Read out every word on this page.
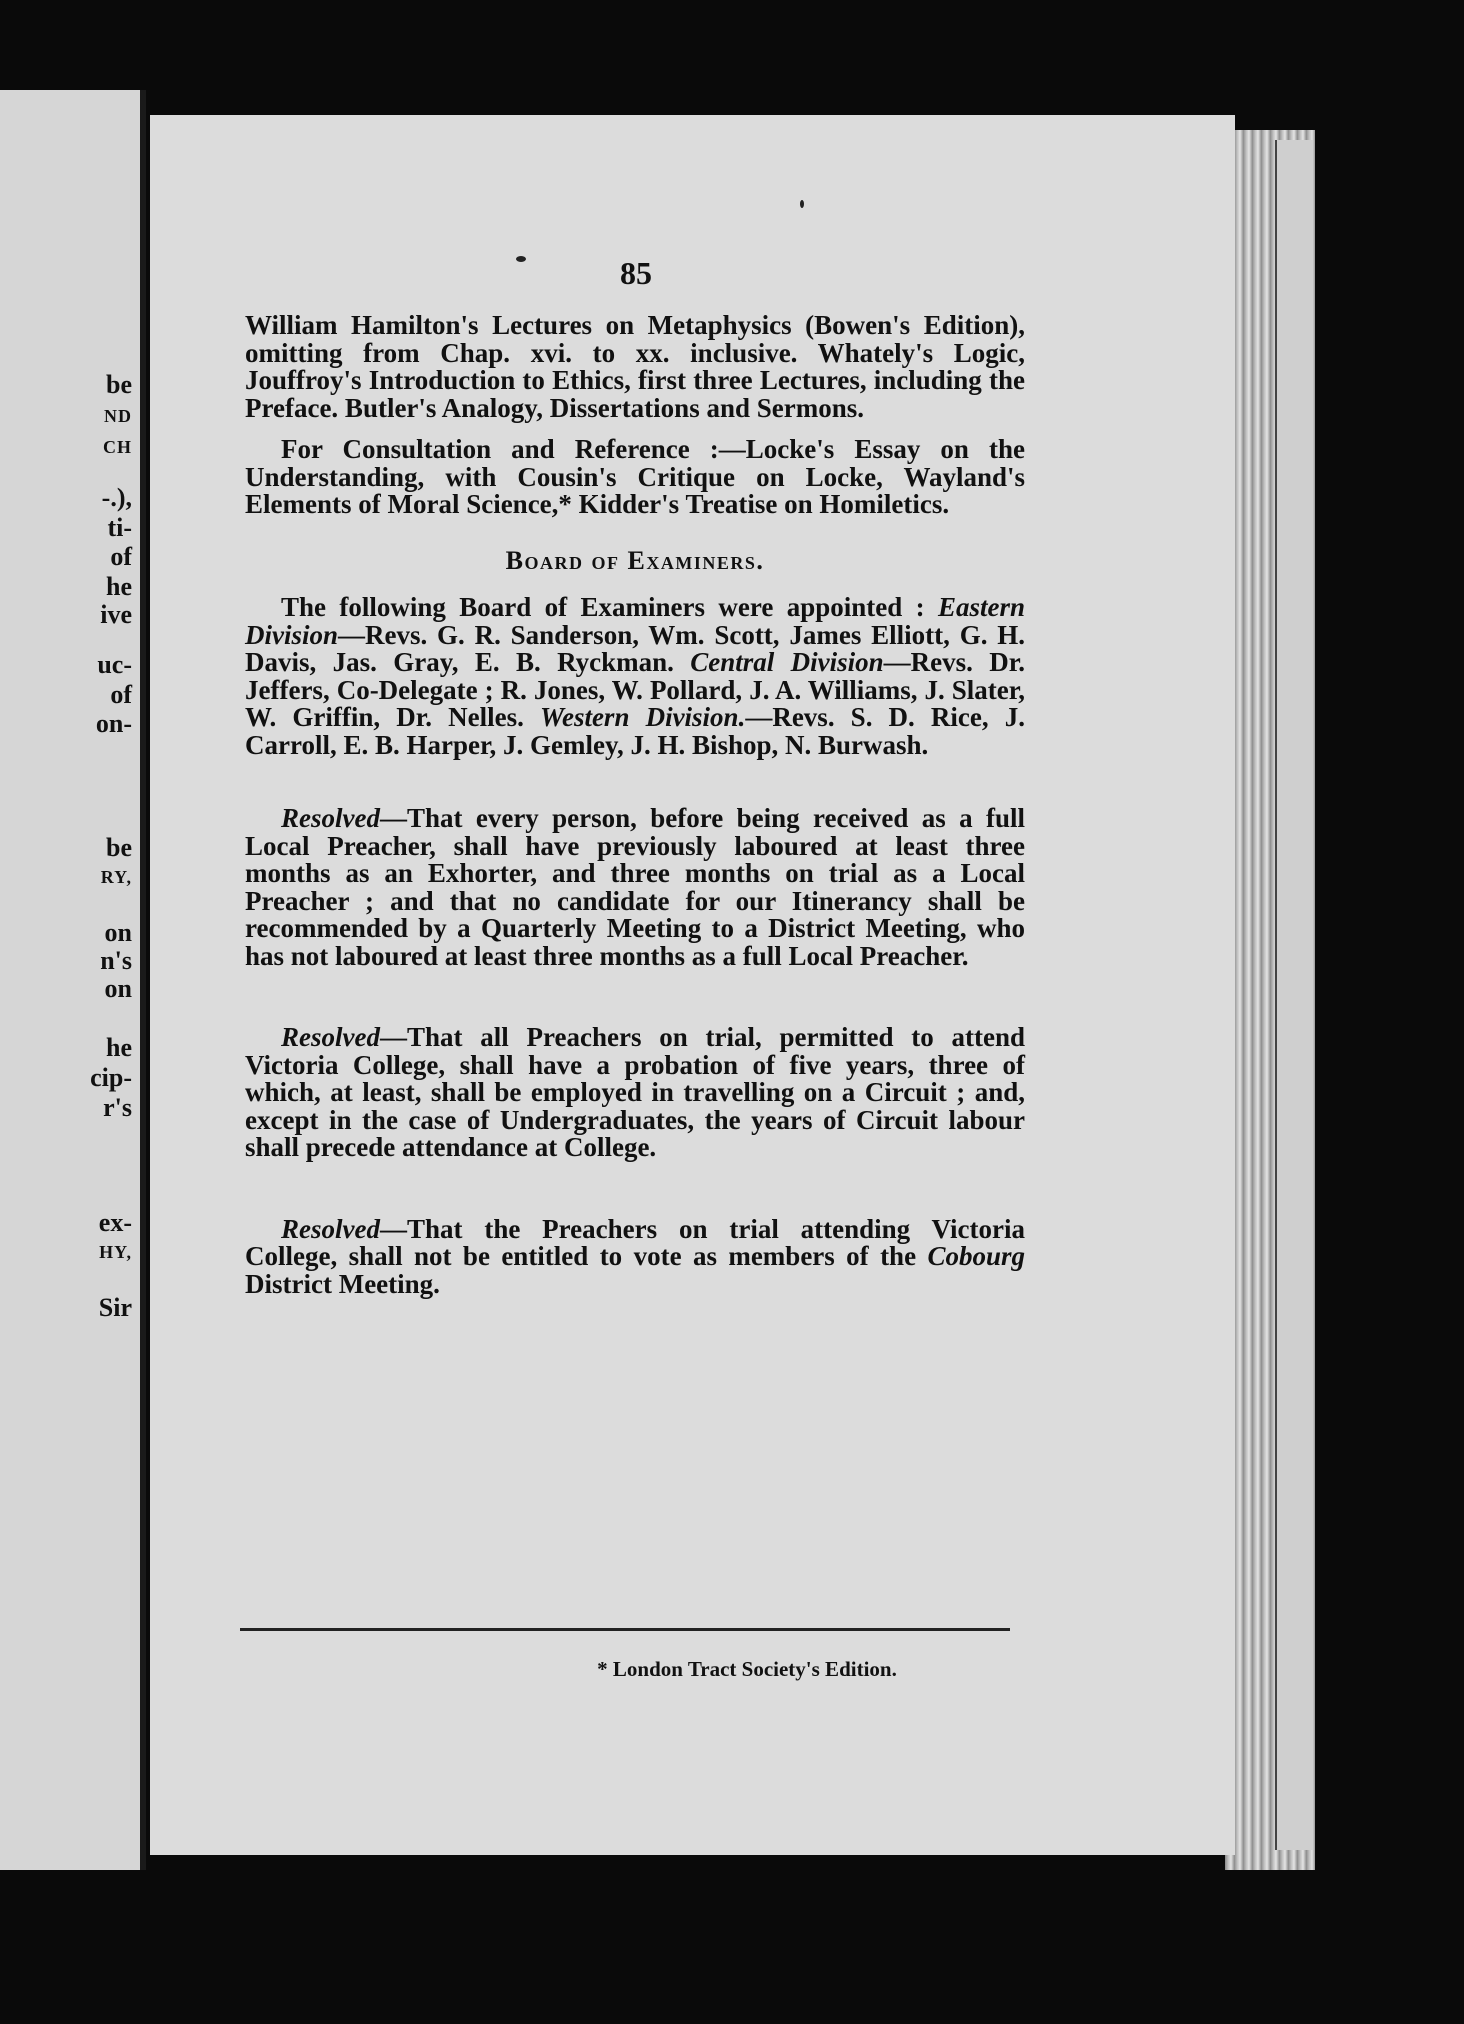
be
ND
CH
-.),
ti-
of
he
ive
uc-
of
on-
be
RY,
on
n's
on
he
cip-
r's
ex-
HY,
Sir
85

William Hamilton's Lectures on Metaphysics (Bowen's Edition), omitting from Chap. xvi. to xx. inclusive. Whately's Logic, Jouffroy's Introduction to Ethics, first three Lectures, including the Preface. Butler's Analogy, Dissertations and Sermons.

For Consultation and Reference :—Locke's Essay on the Understanding, with Cousin's Critique on Locke, Wayland's Elements of Moral Science,* Kidder's Treatise on Homiletics.

Board of Examiners.

The following Board of Examiners were appointed : Eastern Division—Revs. G. R. Sanderson, Wm. Scott, James Elliott, G. H. Davis, Jas. Gray, E. B. Ryckman. Central Division—Revs. Dr. Jeffers, Co-Delegate ; R. Jones, W. Pollard, J. A. Williams, J. Slater, W. Griffin, Dr. Nelles. Western Division.—Revs. S. D. Rice, J. Carroll, E. B. Harper, J. Gemley, J. H. Bishop, N. Burwash.

Resolved—That every person, before being received as a full Local Preacher, shall have previously laboured at least three months as an Exhorter, and three months on trial as a Local Preacher ; and that no candidate for our Itinerancy shall be recommended by a Quarterly Meeting to a District Meeting, who has not laboured at least three months as a full Local Preacher.

Resolved—That all Preachers on trial, permitted to attend Victoria College, shall have a probation of five years, three of which, at least, shall be employed in travelling on a Circuit ; and, except in the case of Undergraduates, the years of Circuit labour shall precede attendance at College.

Resolved—That the Preachers on trial attending Victoria College, shall not be entitled to vote as members of the Cobourg District Meeting.

* London Tract Society's Edition.
